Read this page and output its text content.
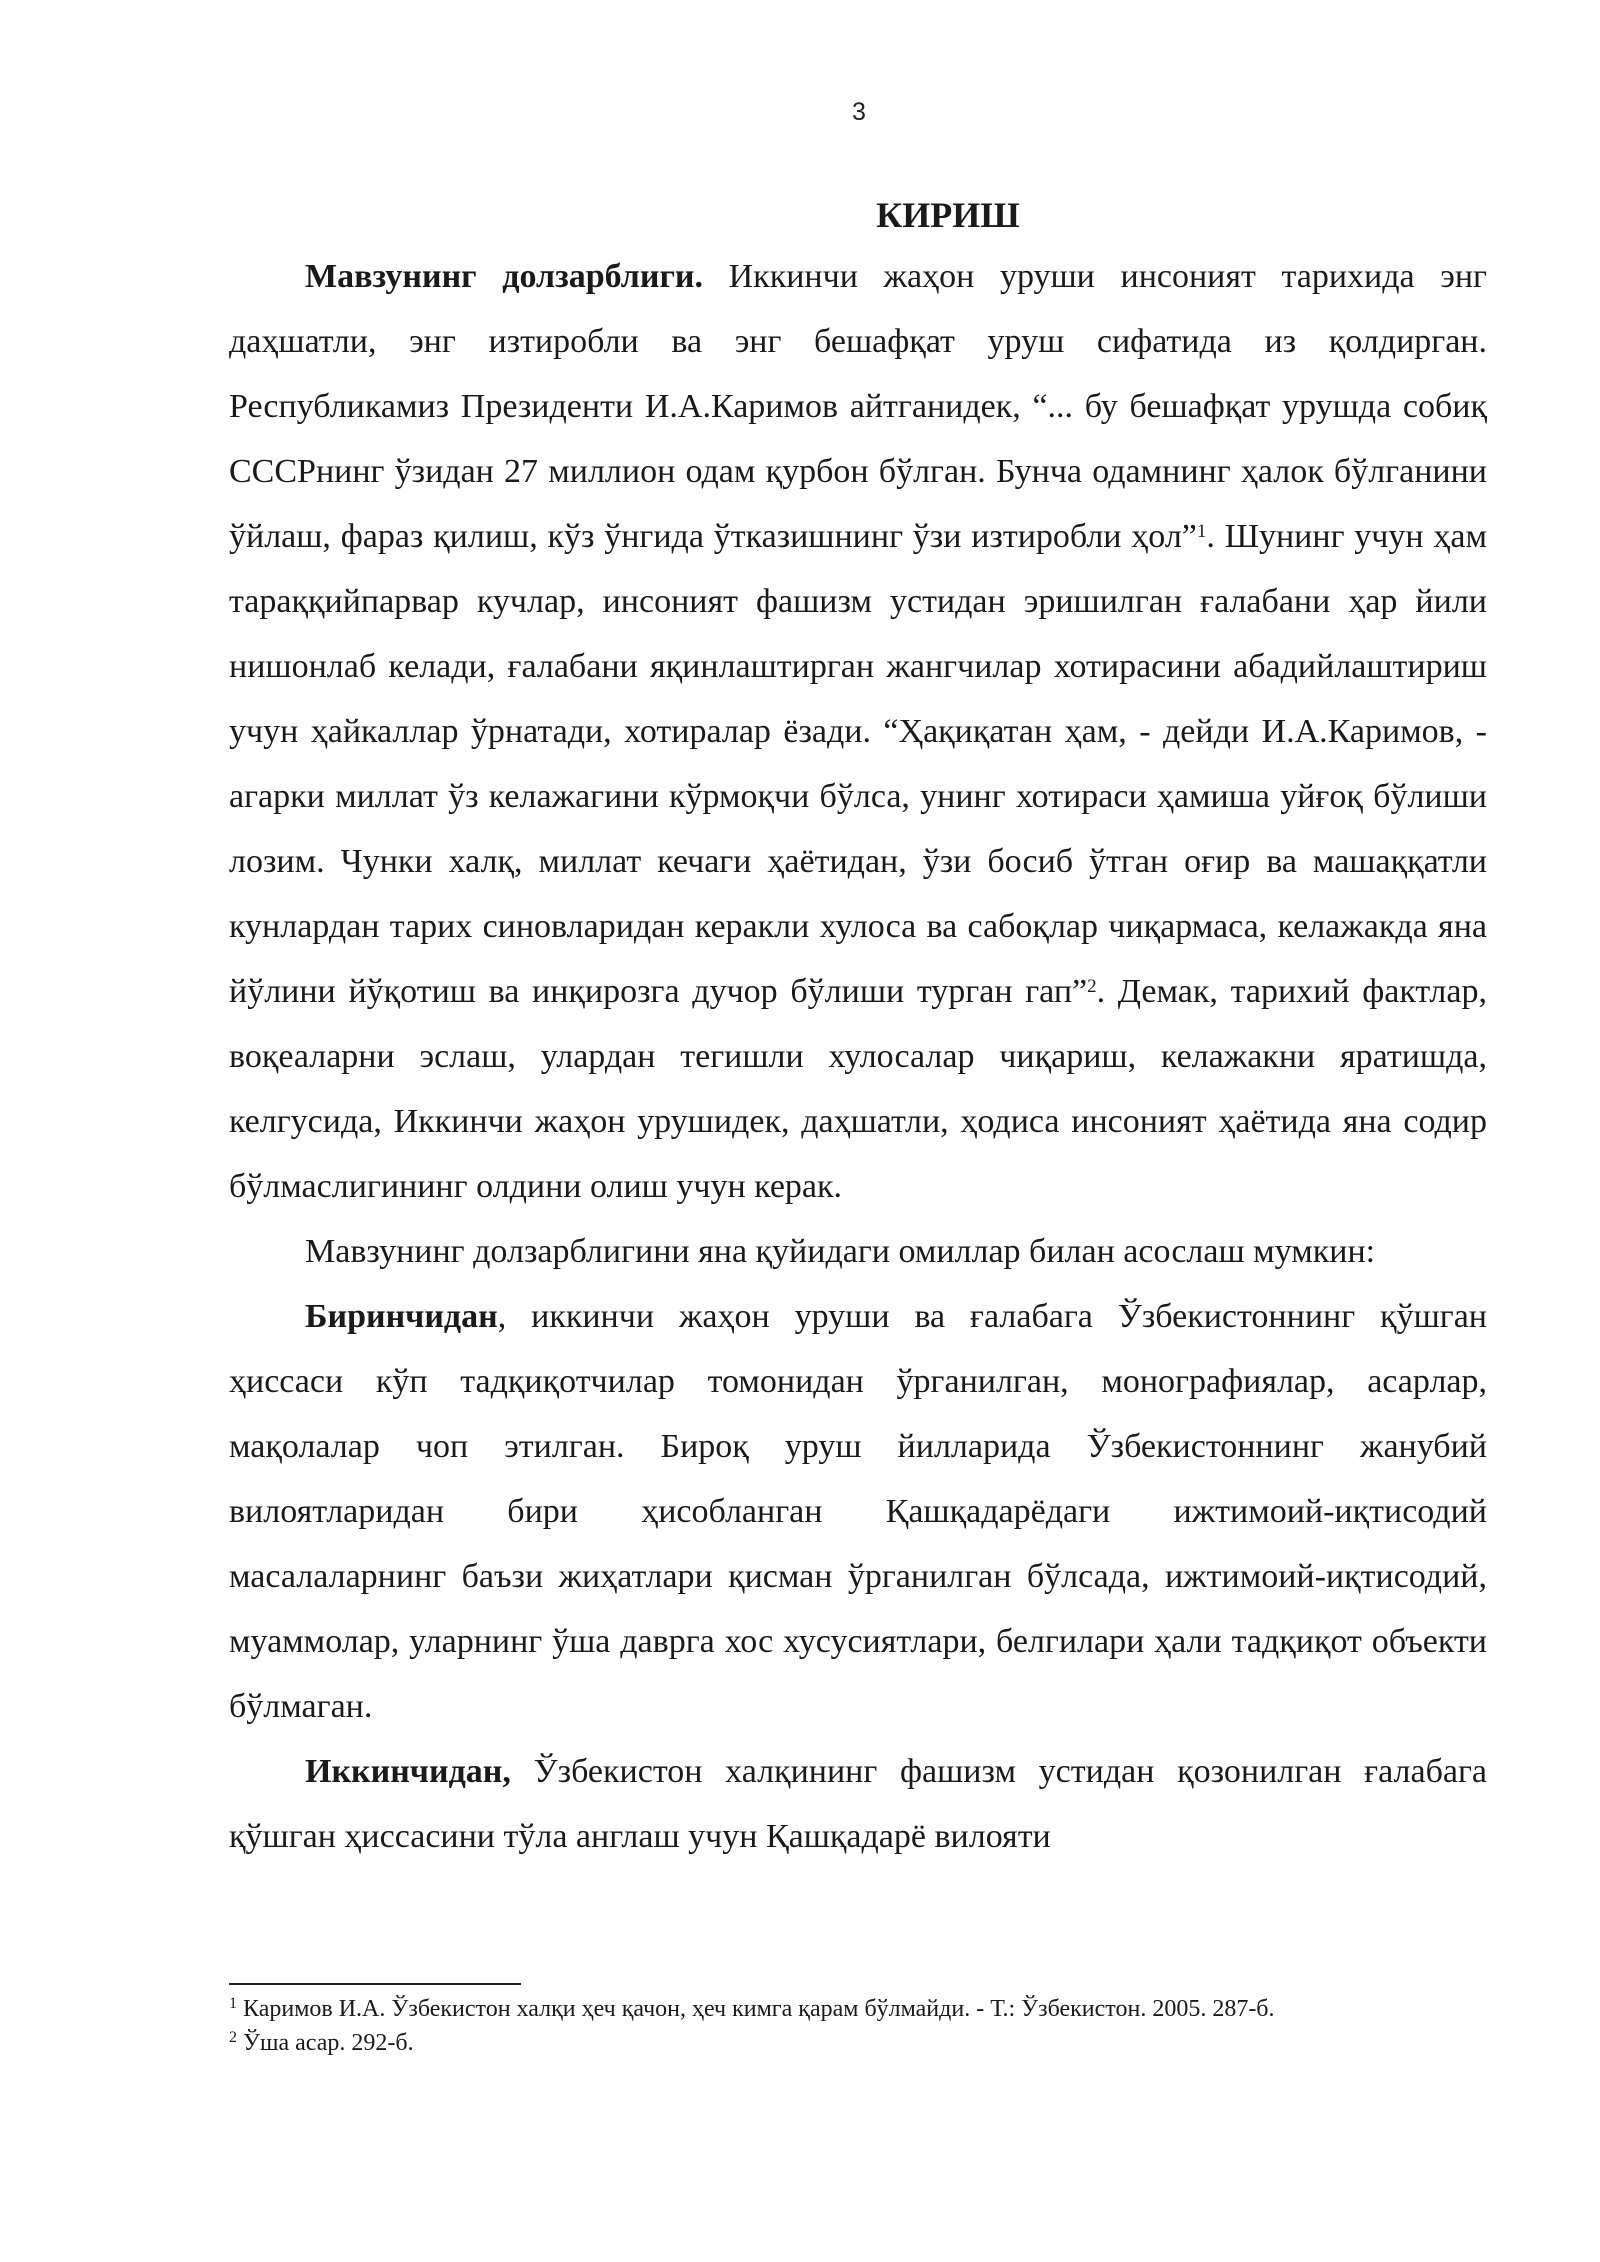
3
КИРИШ

Мавзунинг долзарблиги. Иккинчи жаҳон уруши инсоният тарихида энг даҳшатли, энг изтиробли ва энг бешафқат уруш сифатида из қолдирган. Республикамиз Президенти И.А.Каримов айтганидек, “... бу бешафқат урушда собиқ СССРнинг ўзидан 27 миллион одам қурбон бўлган. Бунча одамнинг ҳалок бўлганини ўйлаш, фараз қилиш, кўз ўнгида ўтказишнинг ўзи изтиробли ҳол”$^1$. Шунинг учун ҳам тараққийпарвар кучлар, инсоният фашизм устидан эришилган ғалабани ҳар йили нишонлаб келади, ғалабани яқинлаштирган жангчилар хотирасини абадийлаштириш учун ҳайкаллар ўрнатади, хотиралар ёзади. “Ҳақиқатан ҳам, - дейди И.А.Каримов, - агарки миллат ўз келажагини кўрмоқчи бўлса, унинг хотираси ҳамиша уйғоқ бўлиши лозим. Чунки халқ, миллат кечаги ҳаётидан, ўзи босиб ўтган оғир ва машаққатли кунлардан тарих синовларидан керакли хулоса ва сабоқлар чиқармаса, келажакда яна йўлини йўқотиш ва инқирозга дучор бўлиши турган гап”$^2$. Демак, тарихий фактлар, воқеаларни эслаш, улардан тегишли хулосалар чиқариш, келажакни яратишда, келгусида, Иккинчи жаҳон урушидек, даҳшатли, ҳодиса инсоният ҳаётида яна содир бўлмаслигининг олдини олиш учун керак.

Мавзунинг долзарблигини яна қуйидаги омиллар билан асослаш мумкин:

Биринчидан, иккинчи жаҳон уруши ва ғалабага Ўзбекистоннинг қўшган ҳиссаси кўп тадқиқотчилар томонидан ўрганилган, монографиялар, асарлар, мақолалар чоп этилган. Бироқ уруш йилларида Ўзбекистоннинг жанубий вилоятларидан бири ҳисобланган Қашқадарёдаги ижтимоий-иқтисодий масалаларнинг баъзи жиҳатлари қисман ўрганилган бўлсада, ижтимоий-иқтисодий, муаммолар, уларнинг ўша даврга хос хусусиятлари, белгилари ҳали тадқиқот объекти бўлмаган.

Иккинчидан, Ўзбекистон халқининг фашизм устидан қозонилган ғалабага қўшган ҳиссасини тўла англаш учун Қашқадарё вилояти

$^1$ Каримов И.А. Ўзбекистон халқи ҳеч қачон, ҳеч кимга қарам бўлмайди. - Т.: Ўзбекистон. 2005. 287-б.

$^2$ Ўша асар. 292-б.
